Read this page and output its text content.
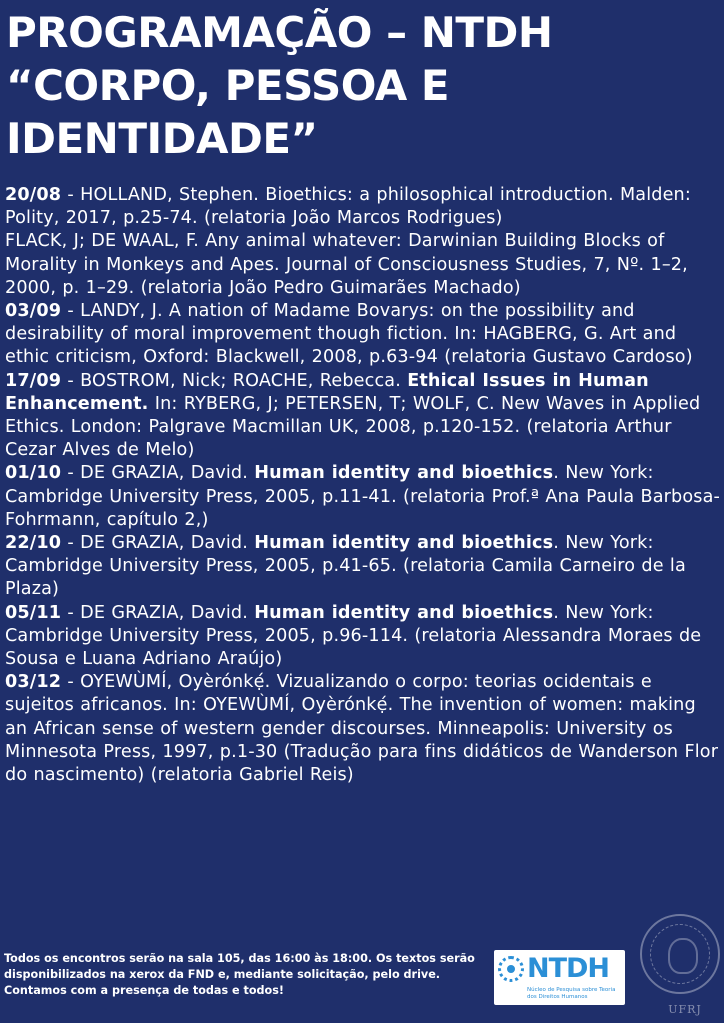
PROGRAMAÇÃO – NTDH
“CORPO, PESSOA E
IDENTIDADE”
20/08 - HOLLAND, Stephen. Bioethics: a philosophical introduction. Malden: Polity, 2017, p.25-74. (relatoria João Marcos Rodrigues)
FLACK, J; DE WAAL, F. Any animal whatever: Darwinian Building Blocks of Morality in Monkeys and Apes. Journal of Consciousness Studies, 7, Nº. 1–2, 2000, p. 1–29. (relatoria João Pedro Guimarães Machado)
03/09 - LANDY, J. A nation of Madame Bovarys: on the possibility and desirability of moral improvement though fiction. In: HAGBERG, G. Art and ethic criticism, Oxford: Blackwell, 2008, p.63-94 (relatoria Gustavo Cardoso)
17/09 - BOSTROM, Nick; ROACHE, Rebecca. Ethical Issues in Human Enhancement. In: RYBERG, J; PETERSEN, T; WOLF, C. New Waves in Applied Ethics. London: Palgrave Macmillan UK, 2008, p.120-152. (relatoria Arthur Cezar Alves de Melo)
01/10 - DE GRAZIA, David. Human identity and bioethics. New York: Cambridge University Press, 2005, p.11-41. (relatoria Prof.ª Ana Paula Barbosa-Fohrmann, capítulo 2,)
22/10 - DE GRAZIA, David. Human identity and bioethics. New York: Cambridge University Press, 2005, p.41-65. (relatoria Camila Carneiro de la Plaza)
05/11 - DE GRAZIA, David. Human identity and bioethics. New York: Cambridge University Press, 2005, p.96-114. (relatoria Alessandra Moraes de Sousa e Luana Adriano Araújo)
03/12 - OYEWÙMÍ, Oyèrónkẹ́. Vizualizando o corpo: teorias ocidentais e sujeitos africanos. In: OYEWÙMÍ, Oyèrónkẹ́. The invention of women: making an African sense of western gender discourses. Minneapolis: University os Minnesota Press, 1997, p.1-30 (Tradução para fins didáticos de Wanderson Flor do nascimento) (relatoria Gabriel Reis)

Todos os encontros serão na sala 105, das 16:00 às 18:00. Os textos serão disponibilizados na xerox da FND e, mediante solicitação, pelo drive.

Contamos com a presença de todas e todos!

NTDH
Núcleo de Pesquisa sobre Teoria dos Direitos Humanos
UFRJ
